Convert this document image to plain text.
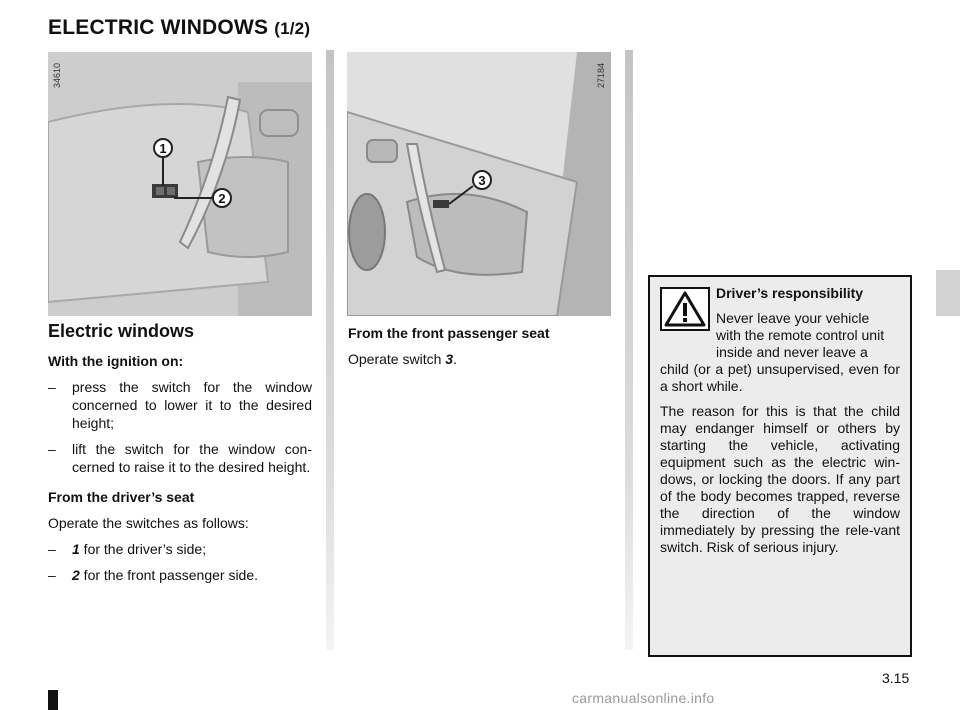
ELECTRIC WINDOWS (1/2)
1
2
34610
3
27184
Electric windows
With the ignition on:
– press the switch for the window concerned to lower it to the desired height;
– lift the switch for the window con-cerned to raise it to the desired height.
From the driver’s seat
Operate the switches as follows:
– 1 for the driver’s side;
– 2 for the front passenger side.
From the front passenger seat
Operate switch 3.
Driver’s responsibility
Never leave your vehicle
with the remote control unit
inside and never leave a
child (or a pet) unsupervised, even for a short while.
The reason for this is that the child may endanger himself or others by starting the vehicle, activating equipment such as the electric win-dows, or locking the doors. If any part of the body becomes trapped, reverse the direction of the window immediately by pressing the rele-vant switch. Risk of serious injury.
3.15
carmanualsonline.info
